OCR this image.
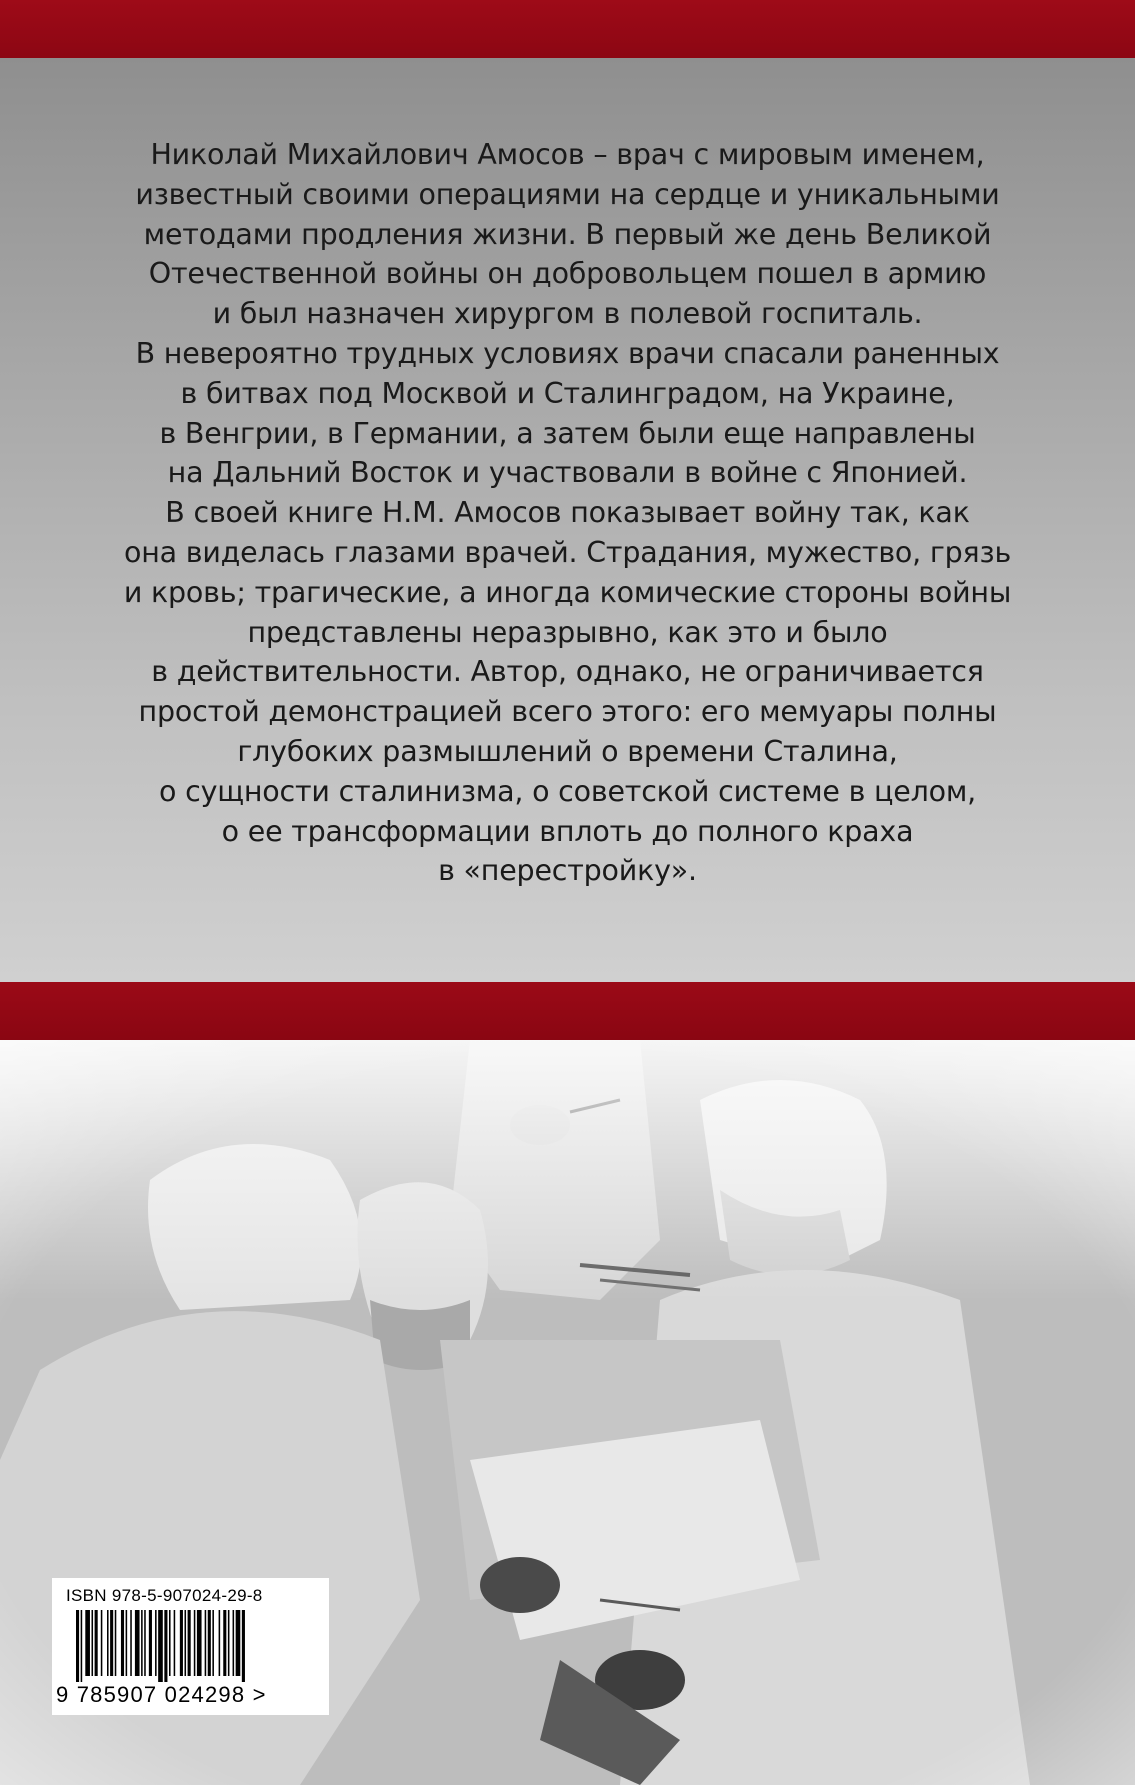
Николай Михайлович Амосов – врач с мировым именем,
известный своими операциями на сердце и уникальными
методами продления жизни. В первый же день Великой
Отечественной войны он добровольцем пошел в армию
и был назначен хирургом в полевой госпиталь.
В невероятно трудных условиях врачи спасали раненных
в битвах под Москвой и Сталинградом, на Украине,
в Венгрии, в Германии, а затем были еще направлены
на Дальний Восток и участвовали в войне с Японией.
В своей книге Н.М. Амосов показывает войну так, как
она виделась глазами врачей. Страдания, мужество, грязь
и кровь; трагические, а иногда комические стороны войны
представлены неразрывно, как это и было
в действительности. Автор, однако, не ограничивается
простой демонстрацией всего этого: его мемуары полны
глубоких размышлений о времени Сталина,
о сущности сталинизма, о советской системе в целом,
о ее трансформации вплоть до полного краха
в «перестройку».
ISBN 978-5-907024-29-8
9 785907 024298 >
